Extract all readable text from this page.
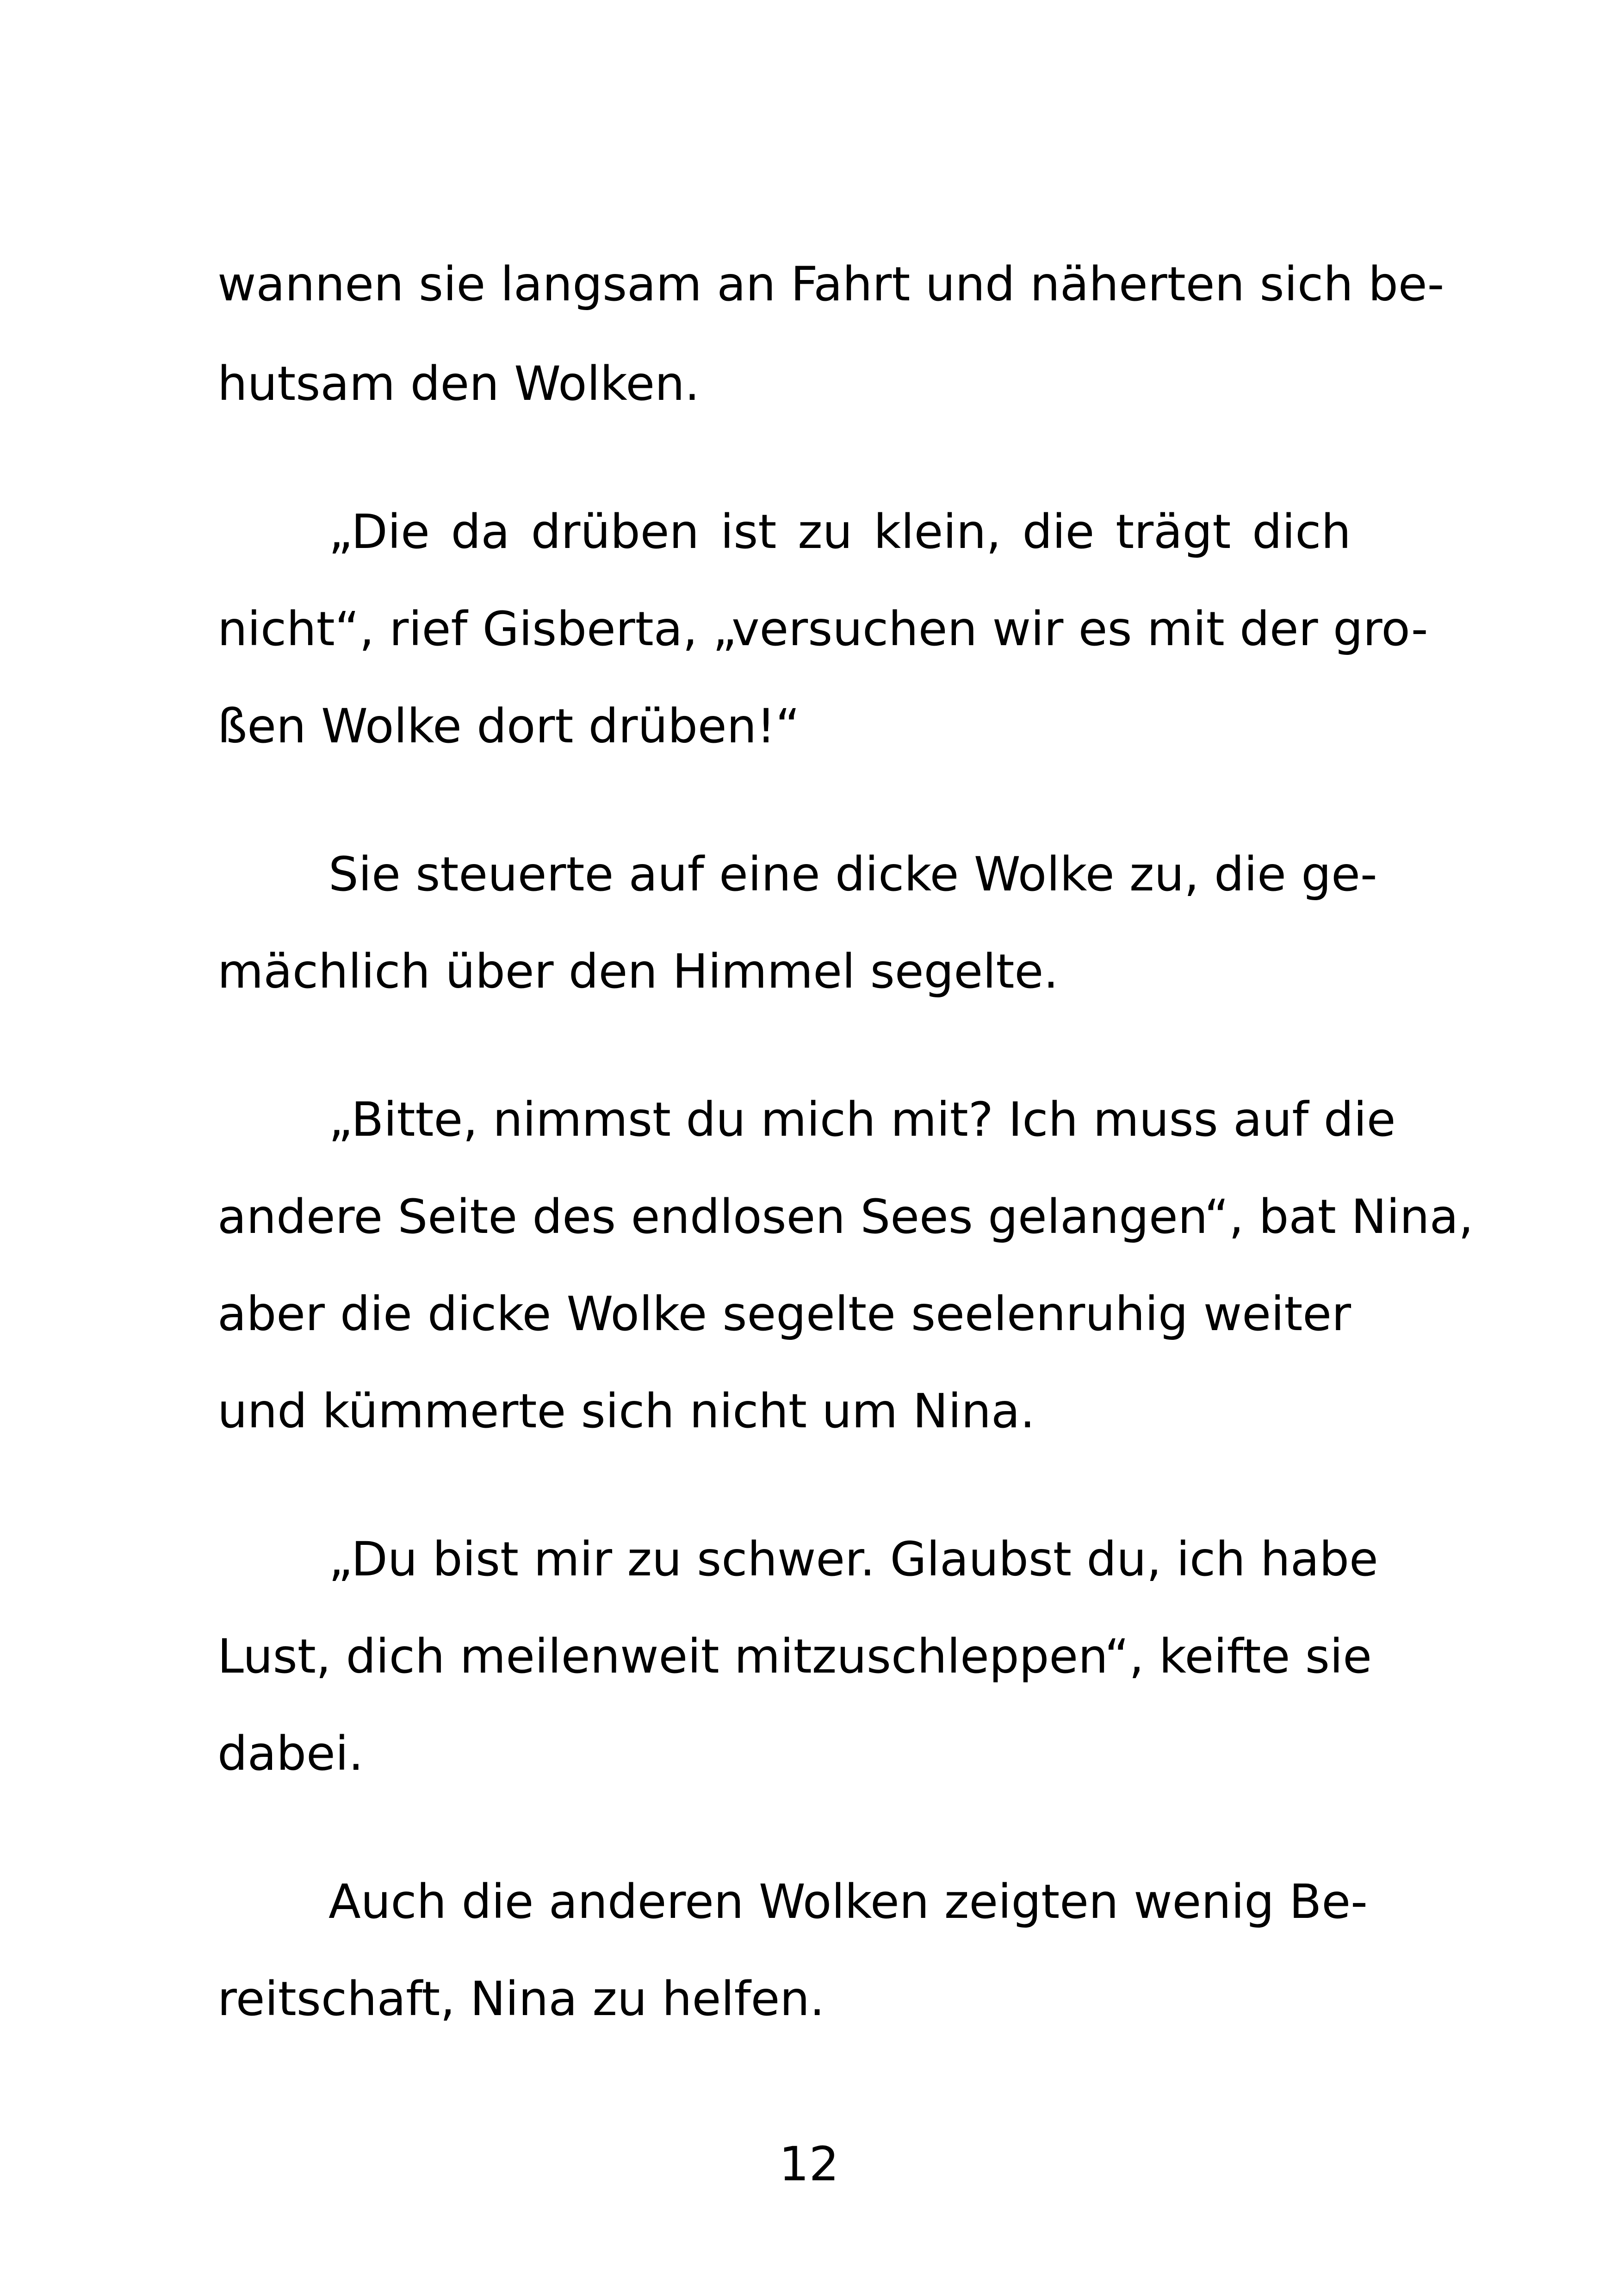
wannen sie langsam an Fahrt und näherten sich be-
hutsam den Wolken.
„Die da drüben ist zu klein, die trägt dich
nicht“, rief Gisberta, „versuchen wir es mit der gro-
ßen Wolke dort drüben!“
Sie steuerte auf eine dicke Wolke zu, die ge-
mächlich über den Himmel segelte.
„Bitte, nimmst du mich mit? Ich muss auf die
andere Seite des endlosen Sees gelangen“, bat Nina,
aber die dicke Wolke segelte seelenruhig weiter
und kümmerte sich nicht um Nina.
„Du bist mir zu schwer. Glaubst du, ich habe
Lust, dich meilenweit mitzuschleppen“, keifte sie
dabei.
Auch die anderen Wolken zeigten wenig Be-
reitschaft, Nina zu helfen.
12
